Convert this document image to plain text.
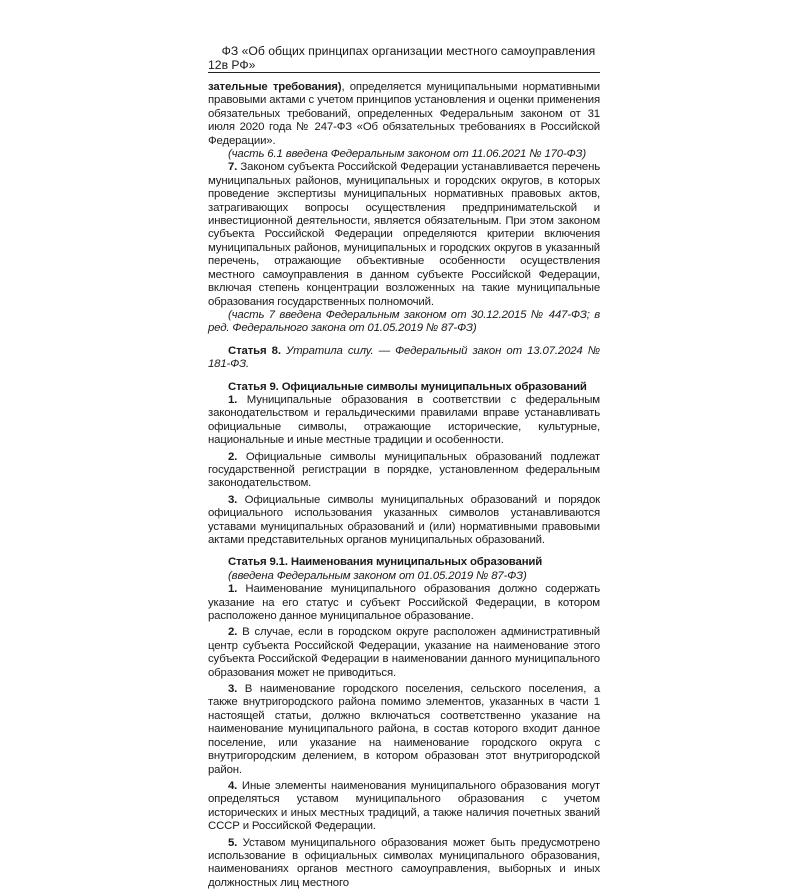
12
ФЗ «Об общих принципах организации местного самоуправления в РФ»

зательные требования), определяется муниципальными нормативными правовыми актами с учетом принципов установления и оценки применения обязательных требований, определенных Федеральным законом от 31 июля 2020 года № 247-ФЗ «Об обязательных требованиях в Российской Федерации».

(часть 6.1 введена Федеральным законом от 11.06.2021 № 170-ФЗ)

7. Законом субъекта Российской Федерации устанавливается перечень муниципальных районов, муниципальных и городских округов, в которых проведение экспертизы муниципальных нормативных правовых актов, затрагивающих вопросы осуществления предпринимательской и инвестиционной деятельности, является обязательным. При этом законом субъекта Российской Федерации определяются критерии включения муниципальных районов, муниципальных и городских округов в указанный перечень, отражающие объективные особенности осуществления местного самоуправления в данном субъекте Российской Федерации, включая степень концентрации возложенных на такие муниципальные образования государственных полномочий.

(часть 7 введена Федеральным законом от 30.12.2015 № 447-ФЗ; в ред. Федерального закона от 01.05.2019 № 87-ФЗ)

Статья 8. Утратила силу. — Федеральный закон от 13.07.2024 № 181-ФЗ.

Статья 9. Официальные символы муниципальных образований

1. Муниципальные образования в соответствии с федеральным законодательством и геральдическими правилами вправе устанавливать официальные символы, отражающие исторические, культурные, национальные и иные местные традиции и особенности.

2. Официальные символы муниципальных образований подлежат государственной регистрации в порядке, установленном федеральным законодательством.

3. Официальные символы муниципальных образований и порядок официального использования указанных символов устанавливаются уставами муниципальных образований и (или) нормативными правовыми актами представительных органов муниципальных образований.

Статья 9.1. Наименования муниципальных образований

(введена Федеральным законом от 01.05.2019 № 87-ФЗ)

1. Наименование муниципального образования должно содержать указание на его статус и субъект Российской Федерации, в котором расположено данное муниципальное образование.

2. В случае, если в городском округе расположен административный центр субъекта Российской Федерации, указание на наименование этого субъекта Российской Федерации в наименовании данного муниципального образования может не приводиться.

3. В наименование городского поселения, сельского поселения, а также внутригородского района помимо элементов, указанных в части 1 настоящей статьи, должно включаться соответственно указание на наименование муниципального района, в состав которого входит данное поселение, или указание на наименование городского округа с внутригородским делением, в котором образован этот внутригородской район.

4. Иные элементы наименования муниципального образования могут определяться уставом муниципального образования с учетом исторических и иных местных традиций, а также наличия почетных званий СССР и Российской Федерации.

5. Уставом муниципального образования может быть предусмотрено использование в официальных символах муниципального образования, наименованиях органов местного самоуправления, выборных и иных должностных лиц местного
